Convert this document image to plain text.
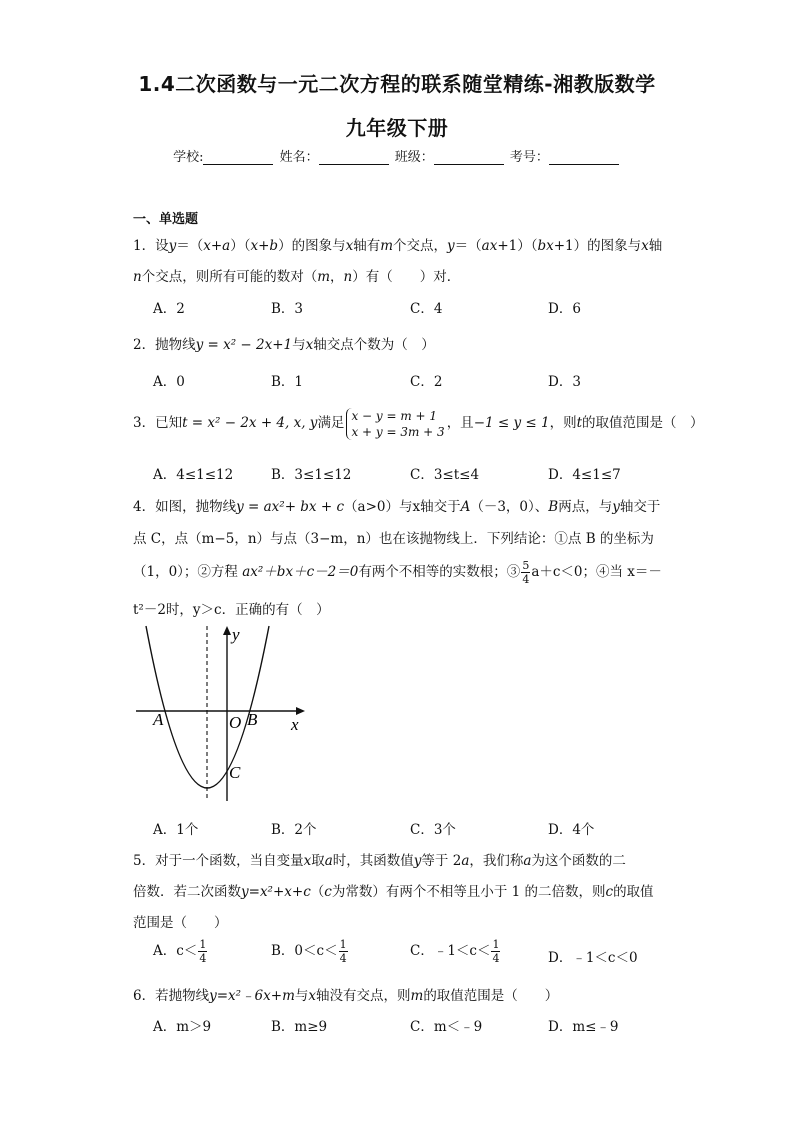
1.4二次函数与一元二次方程的联系随堂精练-湘教版数学
九年级下册
学校:	姓名：	班级：	考号：
一、单选题
1．设y＝（x+a）（x+b）的图象与x轴有m个交点，y＝（ax+1）（bx+1）的图象与x轴
n个交点，则所有可能的数对（m，n）有（　　）对．
A．2	B．3	C．4	D．6
2．抛物线y = x² − 2x+1与x轴交点个数为（　）
A．0	B．1	C．2	D．3
3．已知t = x² − 2x + 4, x, y满足 x − y = m + 1
x + y = 3m + 3，且−1 ≤ y ≤ 1，则t的取值范围是（　）
A．4≤1≤12	B．3≤1≤12	C．3≤t≤4	D．4≤1≤7
4．如图，抛物线y = ax²+ bx + c（a>0）与x轴交于A（－3，0）、B两点，与y轴交于
点 C，点（m−5，n）与点（3−m，n）也在该抛物线上．下列结论：①点 B 的坐标为
（1，0）；②方程 ax²＋bx＋c－2＝0有两个不相等的实数根；③ $\frac{5}{4} a+c<0$；④当 x＝－
t²－2时，y＞c．正确的有（　）
A	O B
C
x
y
A．1个	B．2个	C．3个	D．4个
5．对于一个函数，当自变量x取a时，其函数值y等于 2a，我们称a为这个函数的二
倍数．若二次函数y=x²+x+c（c为常数）有两个不相等且小于 1 的二倍数，则c的取值
范围是（　　）
A．$c< \frac{1}{4}$	B．$0<c< \frac{1}{4}$	C．﹣1＜c＜ $\frac{1}{4}$	D．﹣1＜c＜0
6．若抛物线y=x²﹣6x+m与x轴没有交点，则m的取值范围是（　　）
A．m＞9	B．m≥9	C．m＜﹣9	D．m≤﹣9
